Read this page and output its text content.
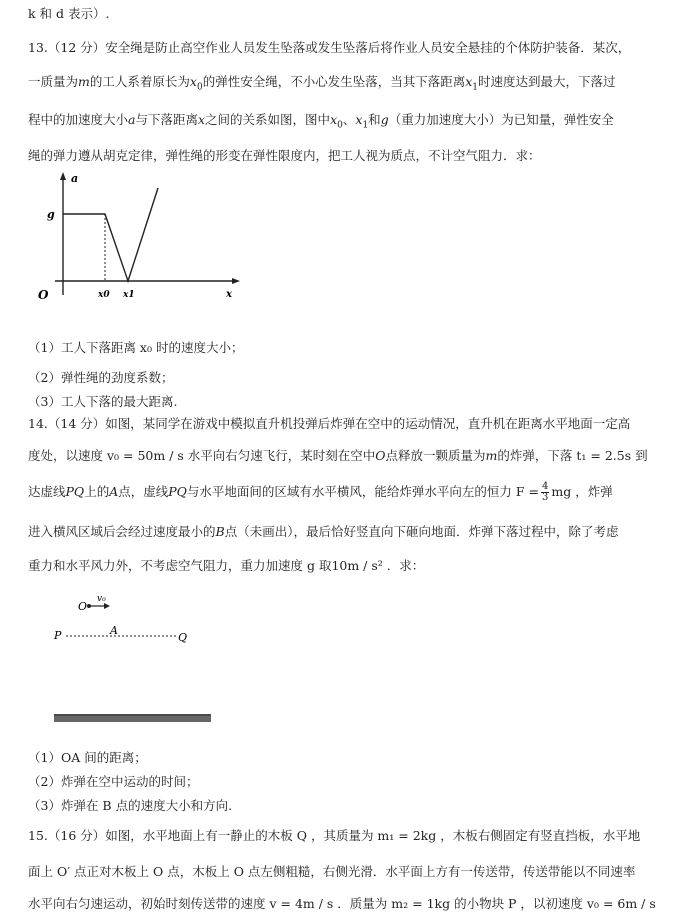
k 和 d 表示）.
13.（12 分）安全绳是防止高空作业人员发生坠落或发生坠落后将作业人员安全悬挂的个体防护装备．某次，
一质量为m的工人系着原长为$x_0$的弹性安全绳，不小心发生坠落，当其下落距离$x_1$时速度达到最大，下落过
程中的加速度大小a与下落距离x之间的关系如图，图中$x_0$、$x_1$和g（重力加速度大小）为已知量，弹性安全
绳的弹力遵从胡克定律，弹性绳的形变在弹性限度内，把工人视为质点，不计空气阻力．求：
a
g
O	x0 x1	x
（1）工人下落距离 x₀ 时的速度大小；
（2）弹性绳的劲度系数；
（3）工人下落的最大距离.
14.（14 分）如图，某同学在游戏中模拟直升机投弹后炸弹在空中的运动情况，直升机在距离水平地面一定高
度处，以速度 v₀ = 50m / s 水平向右匀速飞行，某时刻在空中O点释放一颗质量为m的炸弹，下落 t₁ = 2.5s 到
达虚线PQ上的A点，虚线PQ与水平地面间的区域有水平横风，能给炸弹水平向左的恒力 $F = \frac{4}{3}$ mg ，炸弹
进入横风区域后会经过速度最小的B点（未画出），最后恰好竖直向下砸向地面．炸弹下落过程中，除了考虑
重力和水平风力外，不考虑空气阻力，重力加速度 g 取10m / s² ．求：
O
v₀
P	A
Q
（1）OA 间的距离；
（2）炸弹在空中运动的时间；
（3）炸弹在 B 点的速度大小和方向.
15.（16 分）如图，水平地面上有一静止的木板 Q ，其质量为 m₁ = 2kg ，木板右侧固定有竖直挡板，水平地
面上 O′ 点正对木板上 O 点，木板上 O 点左侧粗糙，右侧光滑．水平面上方有一传送带，传送带能以不同速率
水平向右匀速运动，初始时刻传送带的速度 v = 4m / s ．质量为 m₂ = 1kg 的小物块 P ，以初速度 v₀ = 6m / s
